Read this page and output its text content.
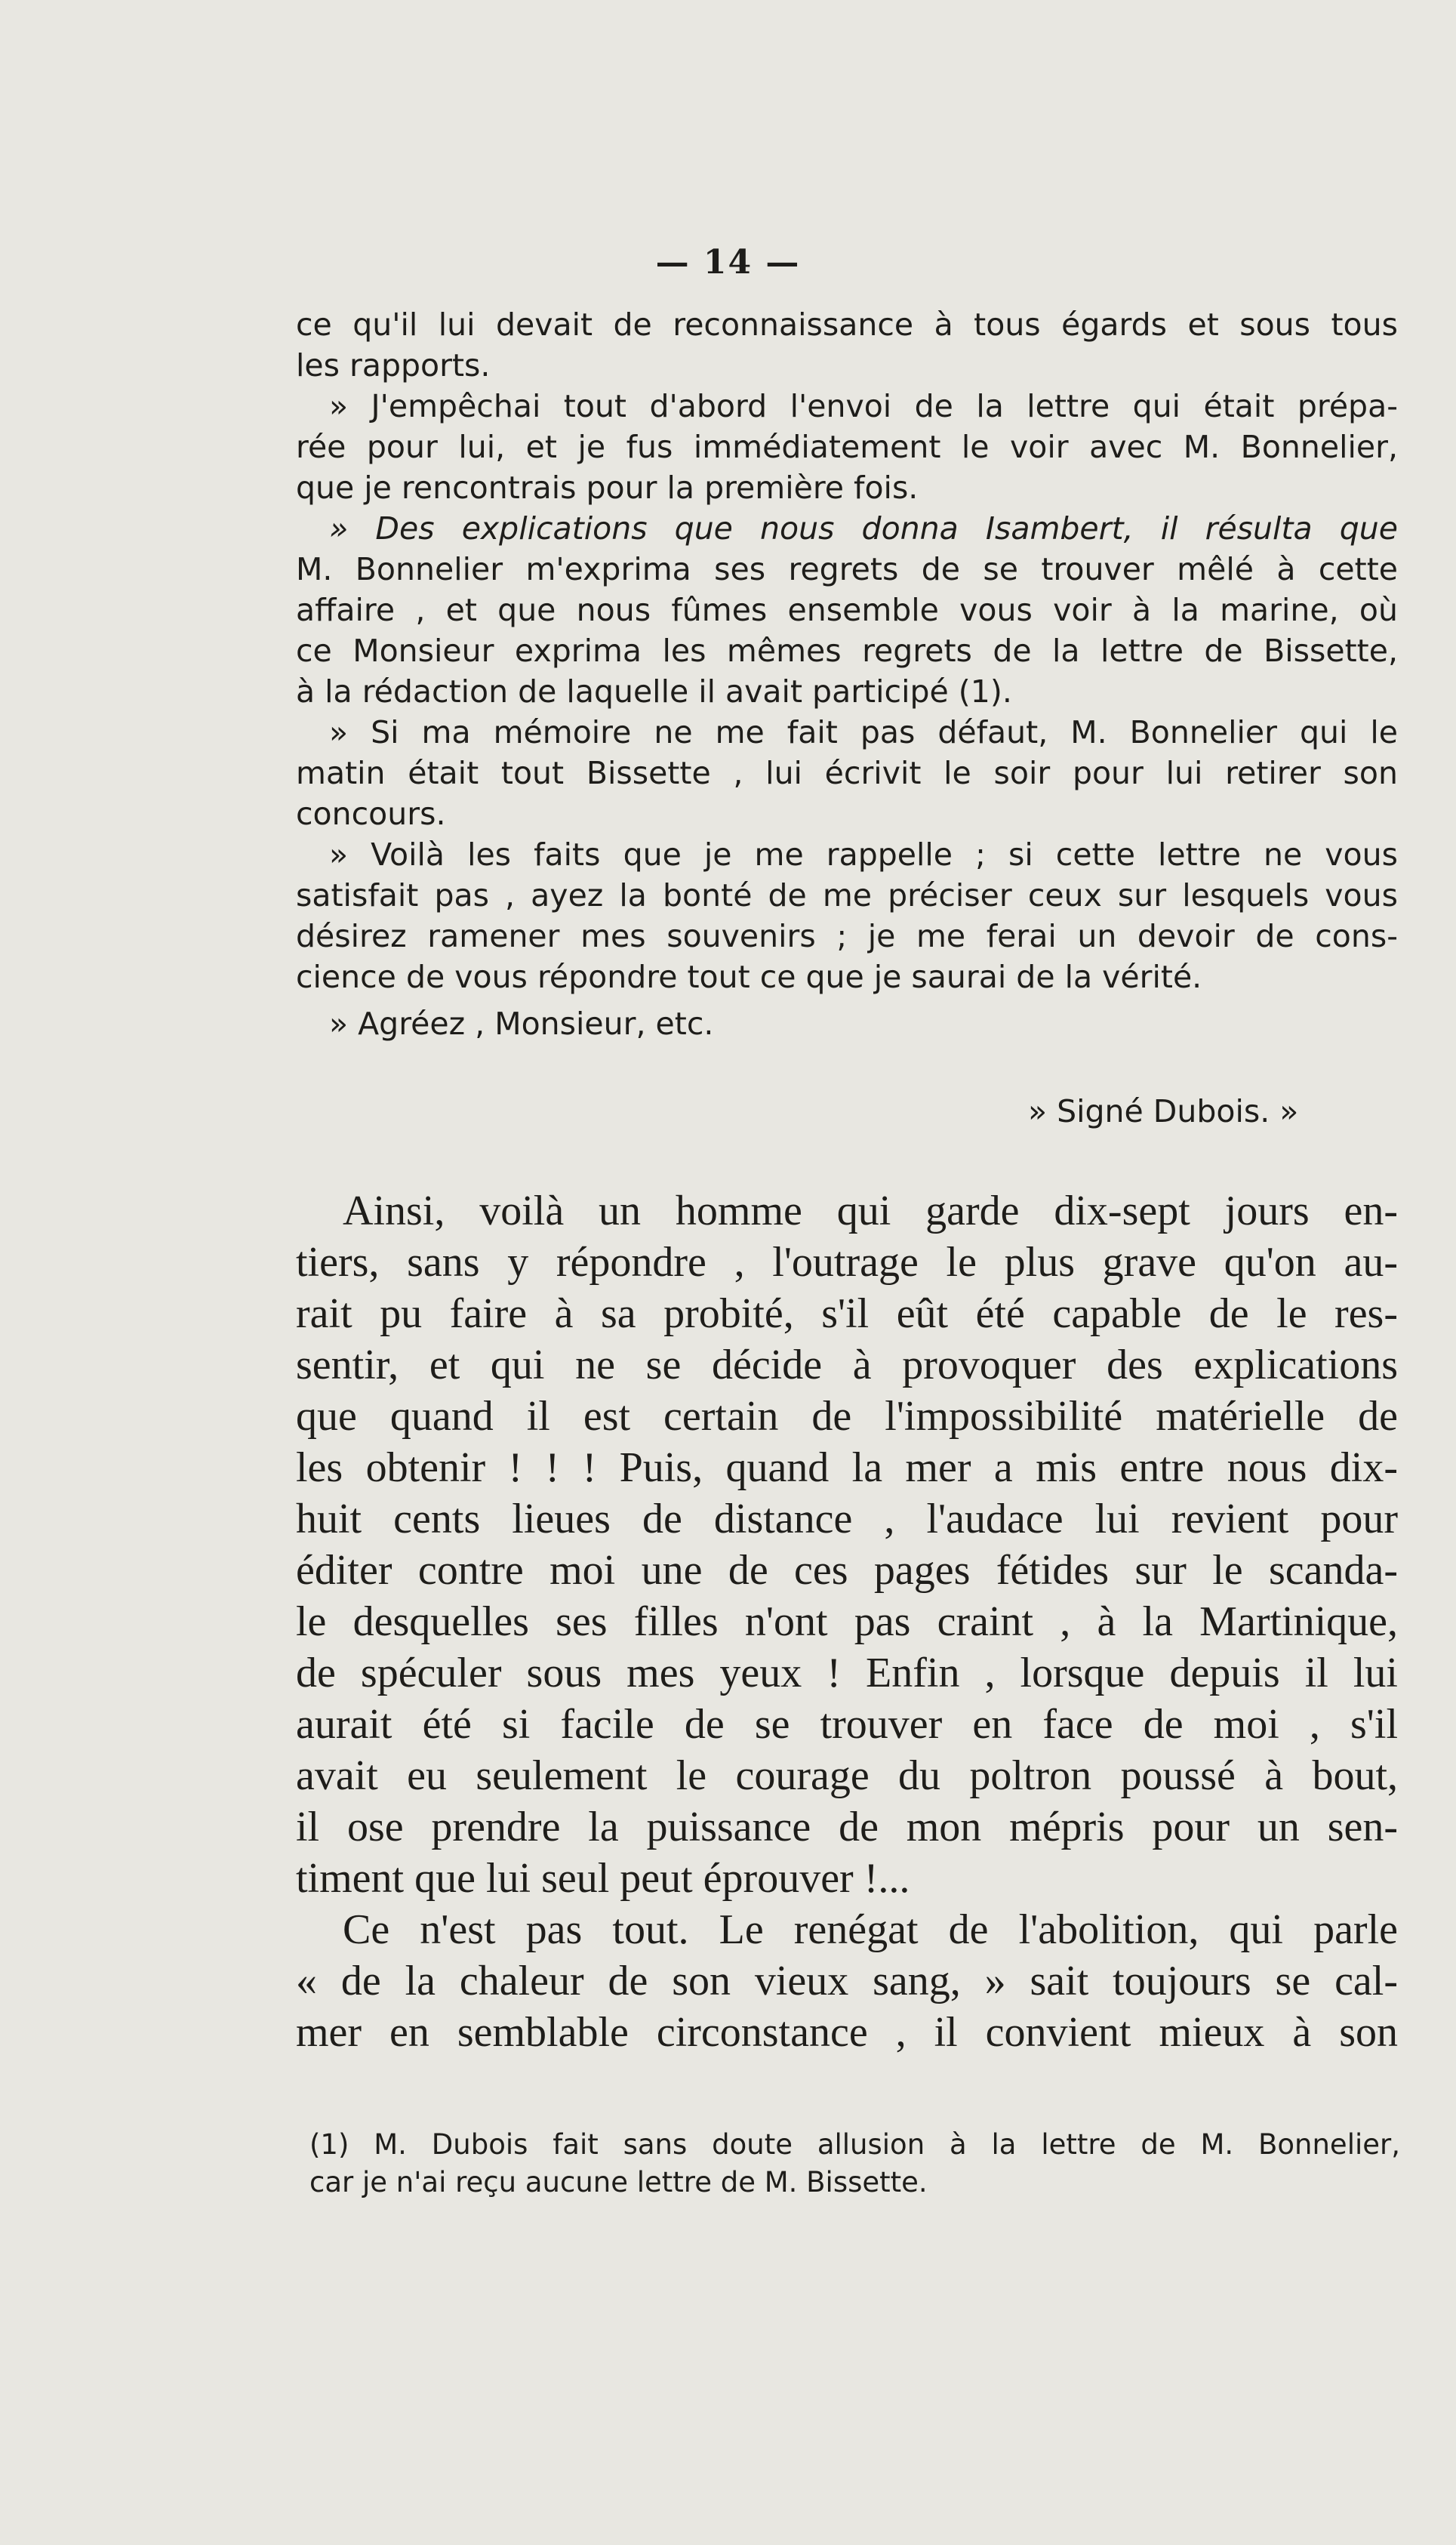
— 14 —
ce qu'il lui devait de reconnaissance à tous égards et sous tous
les rapports.
» J'empêchai tout d'abord l'envoi de la lettre qui était prépa-
rée pour lui, et je fus immédiatement le voir avec M. Bonnelier,
que je rencontrais pour la première fois.
» Des explications que nous donna Isambert, il résulta que
M. Bonnelier m'exprima ses regrets de se trouver mêlé à cette
affaire , et que nous fûmes ensemble vous voir à la marine, où
ce Monsieur exprima les mêmes regrets de la lettre de Bissette,
à la rédaction de laquelle il avait participé (1).
» Si ma mémoire ne me fait pas défaut, M. Bonnelier qui le
matin était tout Bissette , lui écrivit le soir pour lui retirer son
concours.
» Voilà les faits que je me rappelle ; si cette lettre ne vous
satisfait pas , ayez la bonté de me préciser ceux sur lesquels vous
désirez ramener mes souvenirs ; je me ferai un devoir de cons-
cience de vous répondre tout ce que je saurai de la vérité.
» Agréez , Monsieur, etc.
» Signé Dubois. »
Ainsi, voilà un homme qui garde dix-sept jours en-
tiers, sans y répondre , l'outrage le plus grave qu'on au-
rait pu faire à sa probité, s'il eût été capable de le res-
sentir, et qui ne se décide à provoquer des explications
que quand il est certain de l'impossibilité matérielle de
les obtenir ! ! ! Puis, quand la mer a mis entre nous dix-
huit cents lieues de distance , l'audace lui revient pour
éditer contre moi une de ces pages fétides sur le scanda-
le desquelles ses filles n'ont pas craint , à la Martinique,
de spéculer sous mes yeux ! Enfin , lorsque depuis il lui
aurait été si facile de se trouver en face de moi , s'il
avait eu seulement le courage du poltron poussé à bout,
il ose prendre la puissance de mon mépris pour un sen-
timent que lui seul peut éprouver !...
Ce n'est pas tout. Le renégat de l'abolition, qui parle
« de la chaleur de son vieux sang, » sait toujours se cal-
mer en semblable circonstance , il convient mieux à son
(1) M. Dubois fait sans doute allusion à la lettre de M. Bonnelier,
car je n'ai reçu aucune lettre de M. Bissette.
